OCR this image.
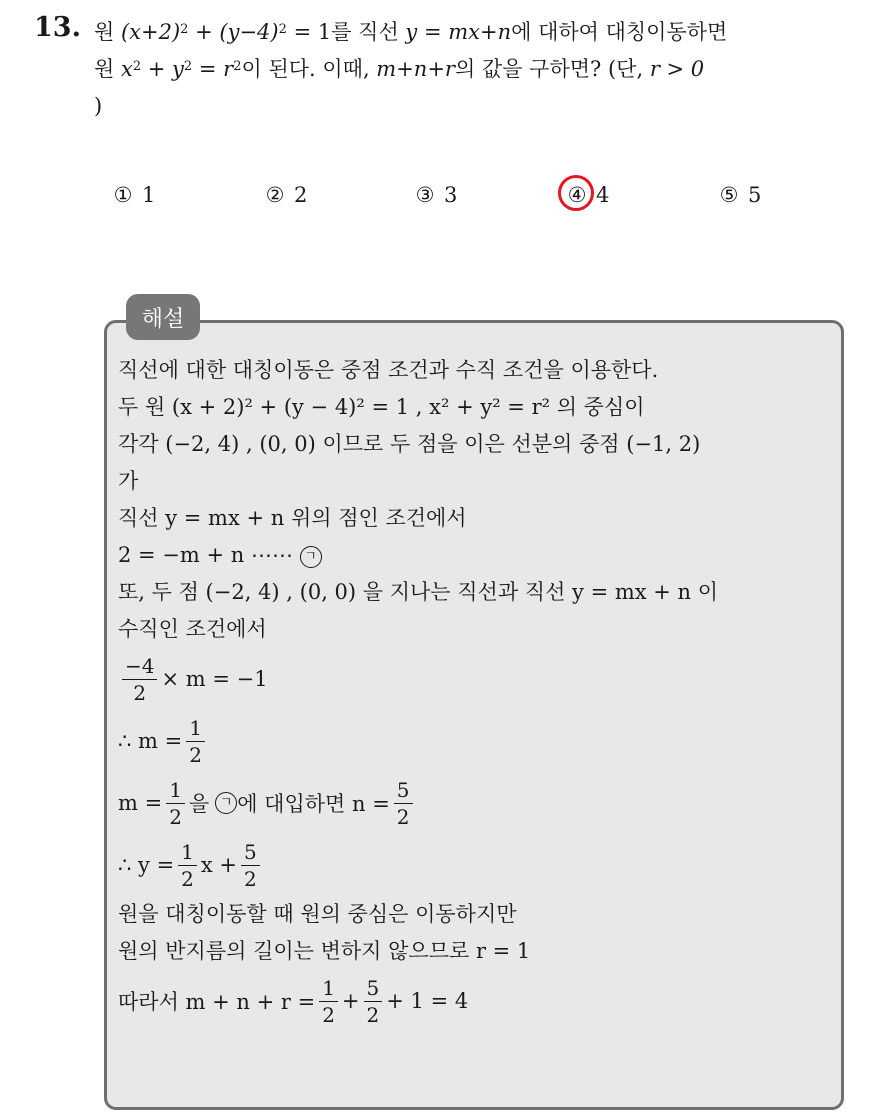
13. 원 $(x+2)^2 + (y-4)^2 = 1$를 직선 y = mx+n에 대하여 대칭이동하면
원 $x^2 + y^2 = r^2$이 된다. 이때, m+n+r의 값을 구하면? (단, r > 0
)
① 1	② 2	③ 3	④ 4	⑤ 5
해설
직선에 대한 대칭이동은 중점 조건과 수직 조건을 이용한다.
두 원 (x + 2)² + (y − 4)² = 1 , x² + y² = r² 의 중심이
각각 (−2, 4) , (0, 0) 이므로 두 점을 이은 선분의 중점 (−1, 2)
가
직선 y = mx + n 위의 점인 조건에서
2 = −m + n ⋯⋯ ㄱ
또, 두 점 (−2, 4) , (0, 0) 을 지나는 직선과 직선 y = mx + n 이
수직인 조건에서
$\frac{-4}{2} \times m = -1$
∴ $m = \frac{1}{2}$
$m = \frac{1}{2}$ 을 ㄱ 에 대입하면 $n = \frac{5}{2}$
∴ $y = \frac{1}{2}$ $x + \frac{5}{2}$
원을 대칭이동할 때 원의 중심은 이동하지만
원의 반지름의 길이는 변하지 않으므로 r = 1
따라서 $m + n + r = \frac{1}{2} + \frac{5}{2} + 1 = 4$
